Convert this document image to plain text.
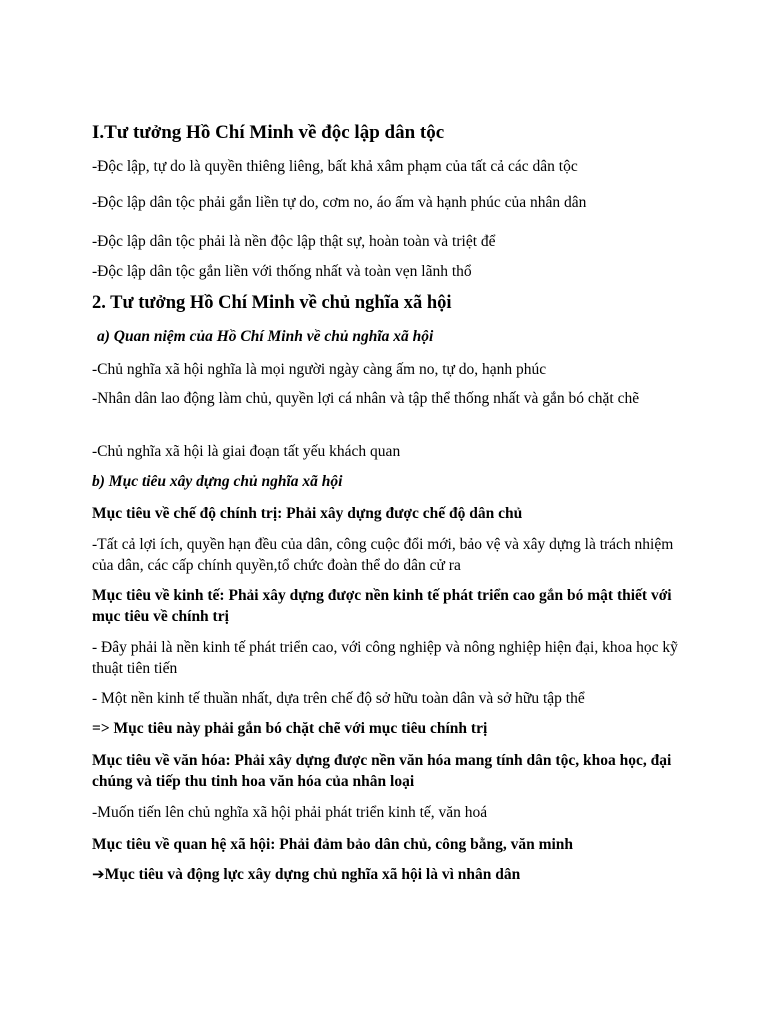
I.Tư tưởng Hồ Chí Minh về độc lập dân tộc
-Độc lập, tự do là quyền thiêng liêng, bất khả xâm phạm của tất cả các dân tộc
-Độc lập dân tộc phải gắn liền tự do, cơm no, áo ấm và hạnh phúc của nhân dân
-Độc lập dân tộc phải là nền độc lập thật sự, hoàn toàn và triệt để
-Độc lập dân tộc gắn liền với thống nhất và toàn vẹn lãnh thổ
2. Tư tưởng Hồ Chí Minh về chủ nghĩa xã hội
a) Quan niệm của Hồ Chí Minh về chủ nghĩa xã hội
-Chủ nghĩa xã hội nghĩa là mọi người ngày càng ấm no, tự do, hạnh phúc
-Nhân dân lao động làm chủ, quyền lợi cá nhân và tập thể thống nhất và gắn bó chặt chẽ
-Chủ nghĩa xã hội là giai đoạn tất yếu khách quan
b) Mục tiêu xây dựng chủ nghĩa xã hội
Mục tiêu về chế độ chính trị: Phải xây dựng được chế độ dân chủ
-Tất cả lợi ích, quyền hạn đều của dân, công cuộc đổi mới, bảo vệ và xây dựng là trách nhiệm của dân, các cấp chính quyền,tổ chức đoàn thể do dân cử ra
Mục tiêu về kinh tế: Phải xây dựng được nền kinh tế phát triển cao gắn bó mật thiết với mục tiêu về chính trị
- Đây phải là nền kinh tế phát triển cao, với công nghiệp và nông nghiệp hiện đại, khoa học kỹ thuật tiên tiến
- Một nền kinh tế thuần nhất, dựa trên chế độ sở hữu toàn dân và sở hữu tập thể
=> Mục tiêu này phải gắn bó chặt chẽ với mục tiêu chính trị
Mục tiêu về văn hóa: Phải xây dựng được nền văn hóa mang tính dân tộc, khoa học, đại chúng và tiếp thu tinh hoa văn hóa của nhân loại
-Muốn tiến lên chủ nghĩa xã hội phải phát triển kinh tế, văn hoá
Mục tiêu về quan hệ xã hội: Phải đảm bảo dân chủ, công bằng, văn minh
➔Mục tiêu và động lực xây dựng chủ nghĩa xã hội là vì nhân dân
